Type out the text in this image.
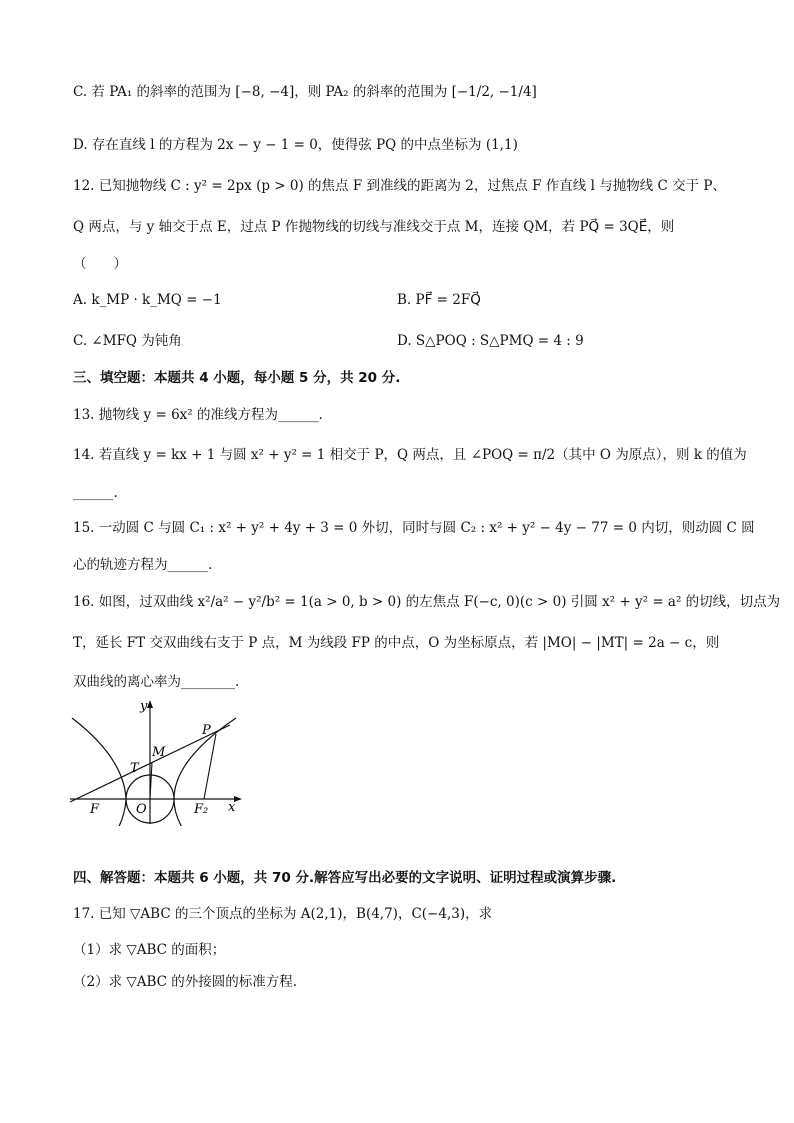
C. 若 PA₁ 的斜率的范围为 [−8, −4]，则 PA₂ 的斜率的范围为 [−1/2, −1/4]
D. 存在直线 l 的方程为 2x − y − 1 = 0，使得弦 PQ 的中点坐标为 (1,1)
12. 已知抛物线 C : y² = 2px (p > 0) 的焦点 F 到准线的距离为 2，过焦点 F 作直线 l 与抛物线 C 交于 P、
Q 两点，与 y 轴交于点 E，过点 P 作抛物线的切线与准线交于点 M，连接 QM，若 PQ⃗ = 3QE⃗，则
（　　）
A. k_MP · k_MQ = −1	B. PF⃗ = 2FQ⃗
C. ∠MFQ 为钝角	D. S△POQ : S△PMQ = 4 : 9
三、填空题：本题共 4 小题，每小题 5 分，共 20 分.
13. 抛物线 y = 6x² 的准线方程为______.
14. 若直线 y = kx + 1 与圆 x² + y² = 1 相交于 P，Q 两点，且 ∠POQ = π/2（其中 O 为原点），则 k 的值为
______.
15. 一动圆 C 与圆 C₁ : x² + y² + 4y + 3 = 0 外切，同时与圆 C₂ : x² + y² − 4y − 77 = 0 内切，则动圆 C 圆
心的轨迹方程为______.
16. 如图，过双曲线 x²/a² − y²/b² = 1(a > 0, b > 0) 的左焦点 F(−c, 0)(c > 0) 引圆 x² + y² = a² 的切线，切点为
T，延长 FT 交双曲线右支于 P 点，M 为线段 FP 的中点，O 为坐标原点，若 |MO| − |MT| = 2a − c，则
双曲线的离心率为________.
y
x
P
M
T
F	O	F₂
四、解答题：本题共 6 小题，共 70 分.解答应写出必要的文字说明、证明过程或演算步骤.
17. 已知 ▽ABC 的三个顶点的坐标为 A(2,1)，B(4,7)，C(−4,3)，求
（1）求 ▽ABC 的面积；
（2）求 ▽ABC 的外接圆的标准方程.
